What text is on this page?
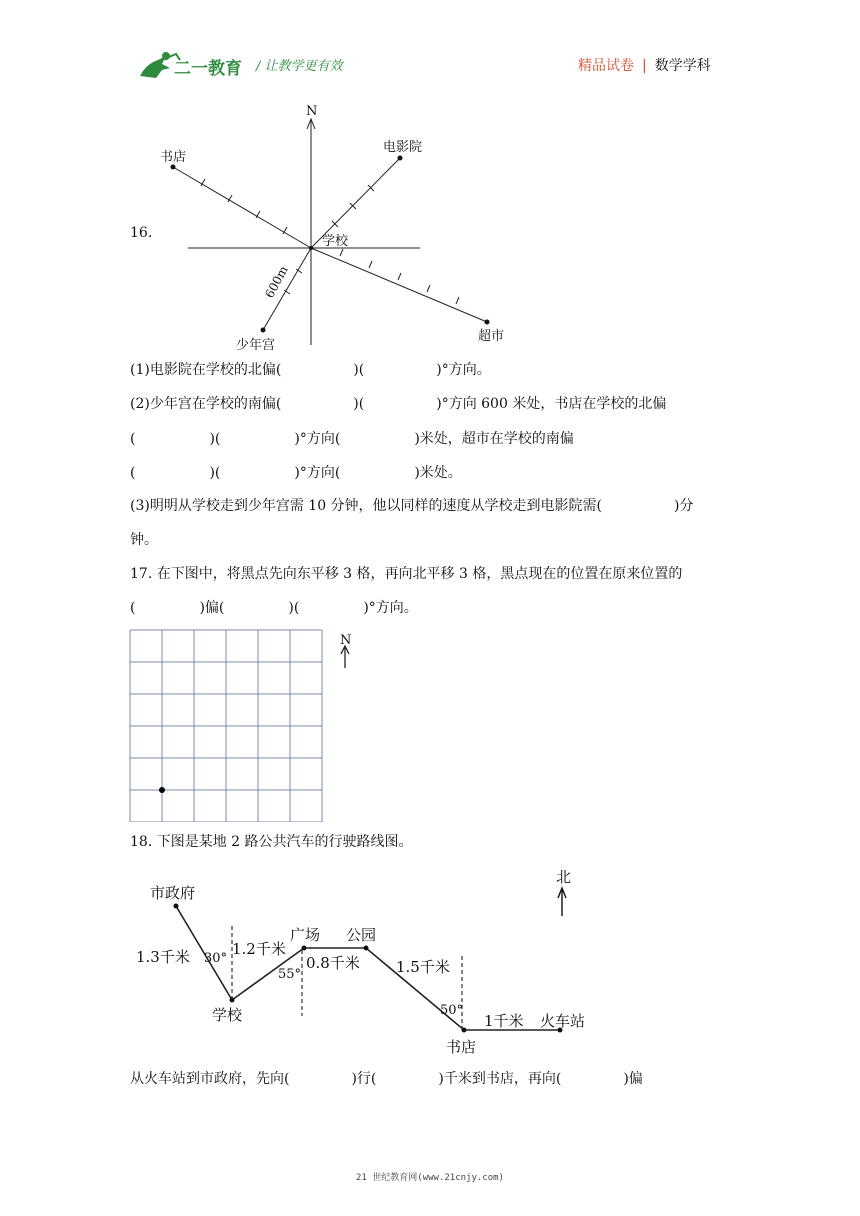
二一教育 / 让教学更有效	精品试卷 | 数学学科
16.
N
书店
电影院
学校
超市
少年宫
600m
(1)电影院在学校的北偏(	)(	)°方向。
(2)少年宫在学校的南偏(	)(	)°方向 600 米处，书店在学校的北偏
(	)(	)°方向(	)米处，超市在学校的南偏
(	)(	)°方向(	)米处。
(3)明明从学校走到少年宫需 10 分钟，他以同样的速度从学校走到电影院需(	)分
钟。
17. 在下图中，将黑点先向东平移 3 格，再向北平移 3 格，黑点现在的位置在原来位置的
(	)偏(	)(	)°方向。
N
18. 下图是某地 2 路公共汽车的行驶路线图。
北
市政府
1.3千米 30°
1.2千米
学校
广场 公园
55°
0.8千米 1.5千米
50°
1千米 火车站
书店
从火车站到市政府，先向(	)行(	)千米到书店，再向(	)偏
21 世纪教育网(www.21cnjy.com)
